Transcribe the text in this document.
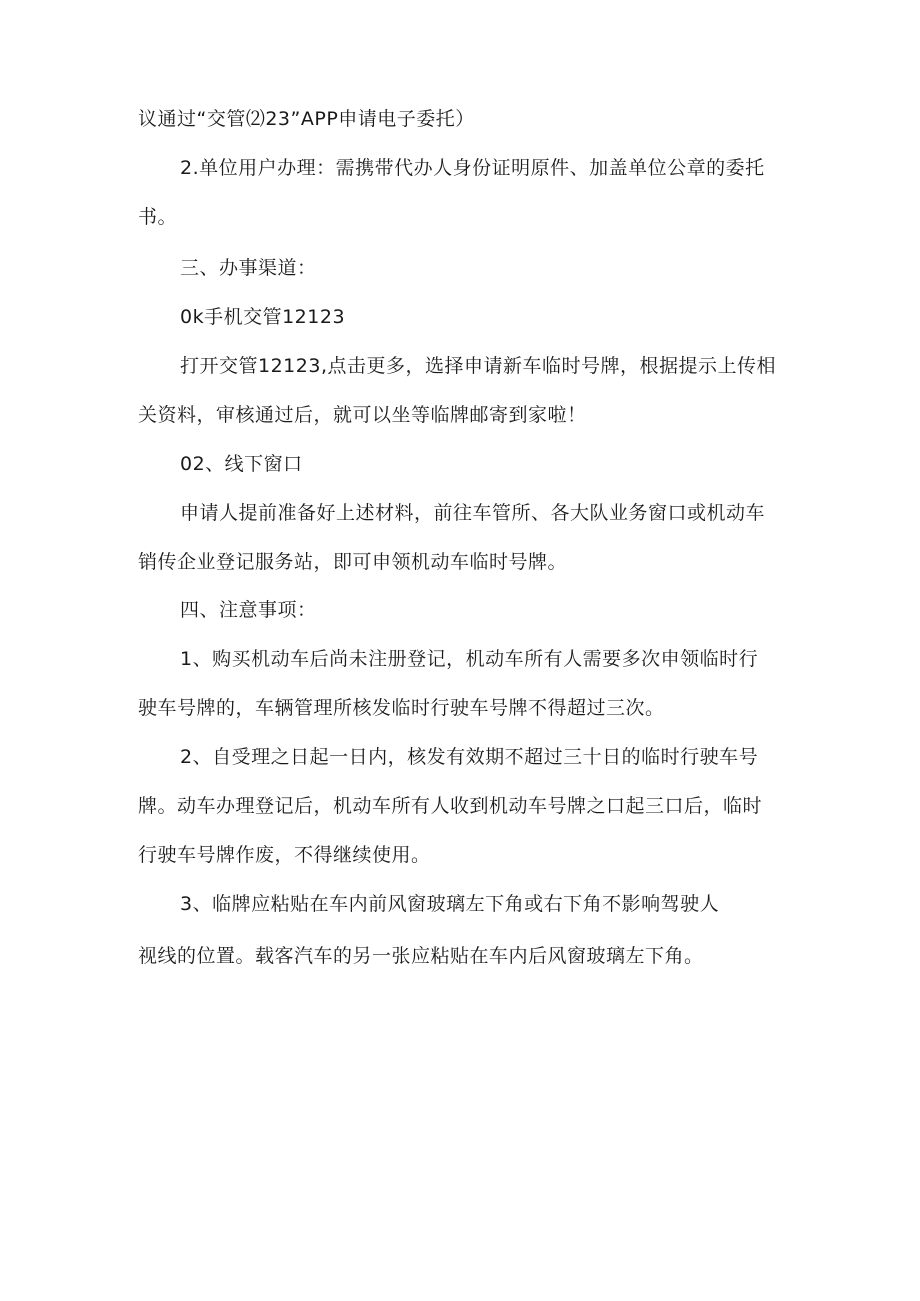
议通过“交管⑵23”APP申请电子委托）
2.单位用户办理：需携带代办人身份证明原件、加盖单位公章的委托
书。
三、办事渠道：
0k手机交管12123
打开交管12123,点击更多，选择申请新车临时号牌，根据提示上传相
关资料，审核通过后，就可以坐等临牌邮寄到家啦！
02、线下窗口
申请人提前准备好上述材料，前往车管所、各大队业务窗口或机动车
销传企业登记服务站，即可申领机动车临时号牌。
四、注意事项：
1、购买机动车后尚未注册登记，机动车所有人需要多次申领临时行
驶车号牌的，车辆管理所核发临时行驶车号牌不得超过三次。
2、自受理之日起一日内，核发有效期不超过三十日的临时行驶车号
牌。动车办理登记后，机动车所有人收到机动车号牌之口起三口后，临时
行驶车号牌作废，不得继续使用。
3、临牌应粘贴在车内前风窗玻璃左下角或右下角不影响驾驶人
视线的位置。载客汽车的另一张应粘贴在车内后风窗玻璃左下角。
